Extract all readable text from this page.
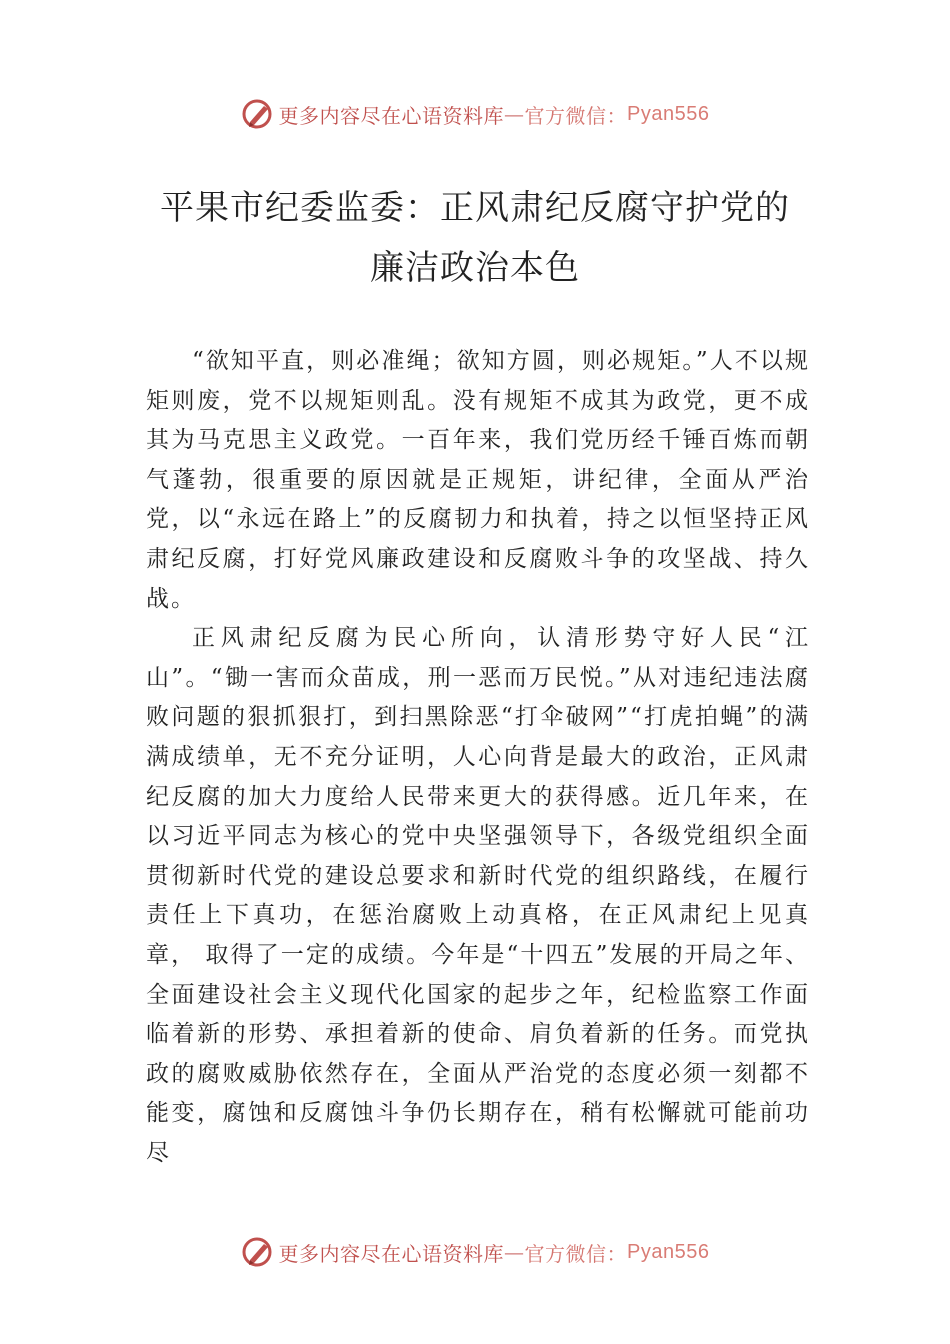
更多内容尽在心语资料库 — 官方微信： Pyan556
平果市纪委监委：正风肃纪反腐守护党的
廉洁政治本色

“欲知平直，则必准绳；欲知方圆，则必规矩。”人不以规矩则废，党不以规矩则乱。没有规矩不成其为政党，更不成其为马克思主义政党。一百年来，我们党历经千锤百炼而朝气蓬勃，很重要的原因就是正规矩，讲纪律，全面从严治党，以“永远在路上”的反腐韧力和执着，持之以恒坚持正风肃纪反腐，打好党风廉政建设和反腐败斗争的攻坚战、持久战。

正风肃纪反腐为民心所向，认清形势守好人民“江山”。“锄一害而众苗成，刑一恶而万民悦。”从对违纪违法腐败问题的狠抓狠打，到扫黑除恶“打伞破网”“打虎拍蝇”的满满成绩单，无不充分证明，人心向背是最大的政治，正风肃纪反腐的加大力度给人民带来更大的获得感。近几年来，在以习近平同志为核心的党中央坚强领导下，各级党组织全面贯彻新时代党的建设总要求和新时代党的组织路线，在履行责任上下真功，在惩治腐败上动真格，在正风肃纪上见真章， 取得了一定的成绩。今年是“十四五”发展的开局之年、全面建设社会主义现代化国家的起步之年，纪检监察工作面临着新的形势、承担着新的使命、肩负着新的任务。而党执政的腐败威胁依然存在，全面从严治党的态度必须一刻都不能变，腐蚀和反腐蚀斗争仍长期存在，稍有松懈就可能前功尽

更多内容尽在心语资料库 — 官方微信： Pyan556
